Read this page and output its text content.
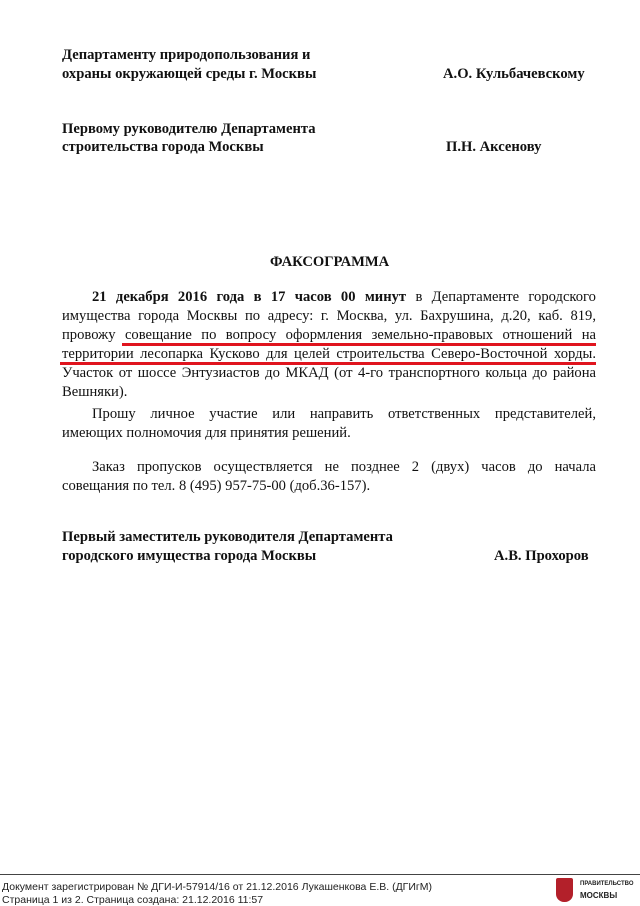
Департаменту природопользования и
охраны окружающей среды г. Москвы	А.О. Кульбачевскому
Первому руководителю Департамента
строительства города Москвы	П.Н. Аксенову
ФАКСОГРАММА
21 декабря 2016 года в 17 часов 00 минут в Департаменте городского
имущества города Москвы по адресу: г. Москва, ул. Бахрушина, д.20, каб. 819,
провожу совещание по вопросу оформления земельно-правовых отношений на
территории лесопарка Кусково для целей строительства Северо-Восточной хорды.
Участок от шоссе Энтузиастов до МКАД (от 4-го транспортного кольца до района
Вешняки).
Прошу личное участие или направить ответственных представителей,
имеющих полномочия для принятия решений.
Заказ пропусков осуществляется не позднее 2 (двух) часов до начала
совещания по тел. 8 (495) 957-75-00 (доб.36-157).
Первый заместитель руководителя Департамента
городского имущества города Москвы	А.В. Прохоров
Документ зарегистрирован № ДГИ-И-57914/16 от 21.12.2016 Лукашенкова Е.В. (ДГИгМ)
Страница 1 из 2. Страница создана: 21.12.2016 11:57
ПРАВИТЕЛЬСТВО
МОСКВЫ
